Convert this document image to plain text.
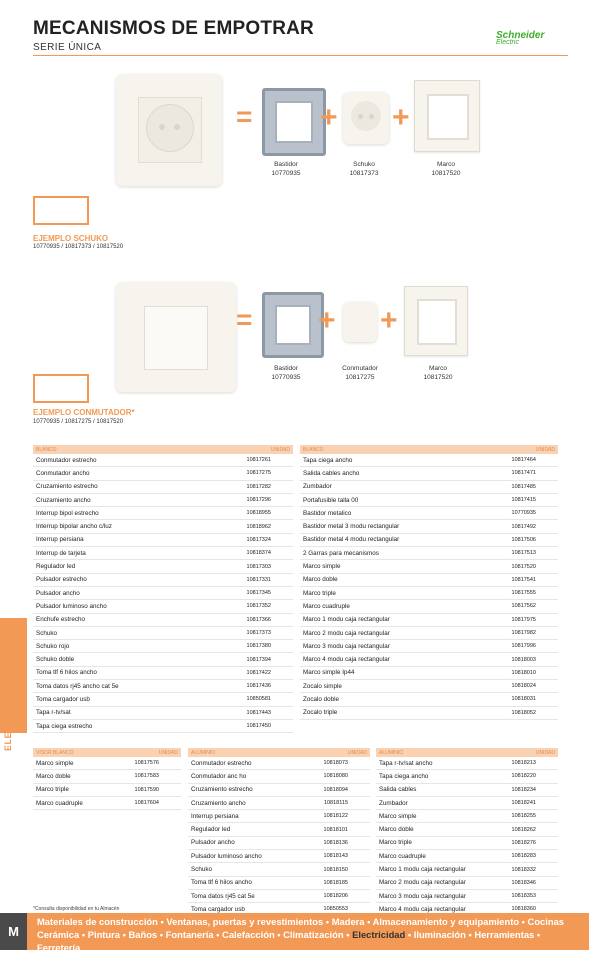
MECANISMOS DE EMPOTRAR
SERIE ÚNICA
Schneider
Electric
= + +
Bastidor
10770935
Schuko
10817373
Marco
10817520
EJEMPLO SCHUKO
10770935 / 10817373 / 10817520
= + +
Bastidor
10770935
Conmutador
10817275
Marco
10817520
EJEMPLO CONMUTADOR*
10770935 / 10817275 / 10817520
BLANCO	UNIDAD
Conmutador estrecho	10817261
Conmutador ancho	10817275
Cruzamiento estrecho	10817282
Cruzamiento ancho	10817296
Interrup bipol estrecho	10818955
Interrup bipolar ancho c/luz	10818962
Interrup persiana	10817324
Interrup de tarjeta	10818374
Regulador led	10817303
Pulsador estrecho	10817331
Pulsador ancho	10817345
Pulsador luminoso ancho	10817352
Enchufe estrecho	10817366
Schuko	10817373
Schuko rojo	10817380
Schuko doble	10817394
Toma tlf 6 hilos ancho	10817422
Toma datos rj45 ancho cat 5e	10817436
Toma cargador usb	10850581
Tapa r-tv/sat	10817443
Tapa ciega estrecho	10817450
BLANCO	UNIDAD
Tapa ciega ancho	10817464
Salida cables ancho	10817471
Zumbador	10817485
Portafusible talla 00	10817415
Bastidor metalico	10770935
Bastidor metal 3 modu rectangular	10817492
Bastidor metal 4 modu rectangular	10817506
2 Garras para mecanismos	10817513
Marco simple	10817520
Marco doble	10817541
Marco triple	10817555
Marco cuadruple	10817562
Marco 1 modu caja rectangular	10817975
Marco 2 modu caja rectangular	10817982
Marco 3 modu caja rectangular	10817996
Marco 4 modu caja rectangular	10818003
Marco simple Ip44	10818010
Zocalo simple	10818024
Zocalo doble	10818031
Zocalo triple	10818052
VISOR BLANCO	UNIDAD
Marco simple	10817576
Marco doble	10817583
Marco triple	10817590
Marco cuadruple	10817604
ALUMINIO	UNIDAD
Conmutador estrecho	10818073
Conmutador anc ho	10818080
Cruzamiento estrecho	10818094
Cruzamiento ancho	10818115
Interrup persiana	10818122
Regulador led	10818101
Pulsador ancho	10818136
Pulsador luminoso ancho	10818143
Schuko	10818150
Toma tlf 6 hilos ancho	10818185
Toma datos rj45 cat 5e	10818206
Toma cargador usb	10850553
ALUMINIO	UNIDAD
Tapa r-tv/sat ancho	10818213
Tapa ciega ancho	10818220
Salida cables	10818234
Zumbador	10818241
Marco simple	10818255
Marco doble	10818262
Marco triple	10818276
Marco cuadruple	10818283
Marco 1 modu caja rectangular	10818332
Marco 2 modu caja rectangular	10818346
Marco 3 modu caja rectangular	10818353
Marco 4 modu caja rectangular	10818360
ELECTRICIDAD
*Consulta disponibilidad en tu Almacén
M
Materiales de construcción • Ventanas, puertas y revestimientos • Madera • Almacenamiento y equipamiento • Cocinas
Cerámica • Pintura • Baños • Fontanería • Calefacción • Climatización • Electricidad • Iluminación • Herramientas • Ferretería
